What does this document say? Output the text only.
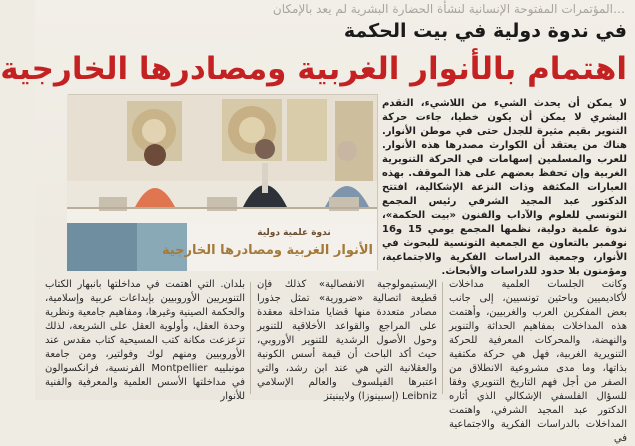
…المؤتمرات المفتوحة الإنسانية لنشأة الحضارة البشرية لم يعد بالإمكان
في ندوة دولية في بيت الحكمة
اهتمام بالأنوار الغربية ومصادرها الخارجية
ندوة علمية دولية
الأنوار الغربية ومصادرها الخارجية
لا يمكن أن يحدث الشيء من اللاشيء، التقدم البشري لا يمكن أن يكون خطيا، جاءت حركة التنوير بقيم مثيرة للجدل حتى في موطن الأنوار. هناك من يعتقد أن الكوارث مصدرها هذه الأنوار. للعرب والمسلمين إسهامات في الحركة التنويرية الغربية وإن تحفظ بعضهم على هذا الموقف. بهذه العبارات المكثفة وذات النزعة الإشكالية، افتتح الدكتور عبد المجيد الشرفي رئيس المجمع التونسي للعلوم والآداب والفنون «بيت الحكمة»، ندوة علمية دولية، نظمها المجمع يومي 15 و16 نوفمبر بالتعاون مع الجمعية التونسية للبحوث في الأنوار، وجمعية الدراسات الفكرية والاجتماعية، ومؤمنون بلا حدود للدراسات والأبحاث.
وكانت الجلسات العلمية مداخلات لأكاديميين وباحثين تونسيين، إلى جانب بعض المفكرين العرب والغربيين، وأهتمت هذه المداخلات بمفاهيم الحداثة والتنوير والنهضة، والمحركات المعرفية للحركة التنويرية الغربية، فهل هي حركة مكتفية بذاتها، وما مدى مشروعية الانطلاق من الصفر من أجل فهم التاريخ التنويري وفقا للسؤال الفلسفي الإشكالي الذي أثاره الدكتور عبد المجيد الشرفي، واهتمت المداخلات بالدراسات الفكرية والاجتماعية في
الإبستيمولوجية الانفصالية» كذلك فإن قطيعة اتصالية «ضرورية» تمثل جذورا مصادر متعددة منها قضايا متداخلة معقدة على المراجع والقواعد الأخلاقية للتنوير وحول الأصول الرشدية للتنوير الأوروبي، حيث أكد الباحث أن قيمة أسس الكونية والعقلانية التي هي عند ابن رشد، والتي اعتبرها الفيلسوف والعالم الإسلامي Leibniz (إسبينوزا) ولايبنيتز
بلدان. التي اهتمت في مداخلتها بانبهار الكتاب التنويريين الأوروبيين بإبداعات عربية وإسلامية، والحكمة الصينية وغيرها، ومفاهيم جامعية ونظرية وحدة العقل، وأولوية العقل على الشريعة، لذلك تزعزعت مكانة كتب المسيحية كتاب مقدس عند الأوروبيين ومنهم لوك وفولتير، ومن جامعة مونبلييه Montpellier الفرنسية، فرانكسوالون في مداخلتها الأسس العلمية والمعرفية والفنية للأنوار
